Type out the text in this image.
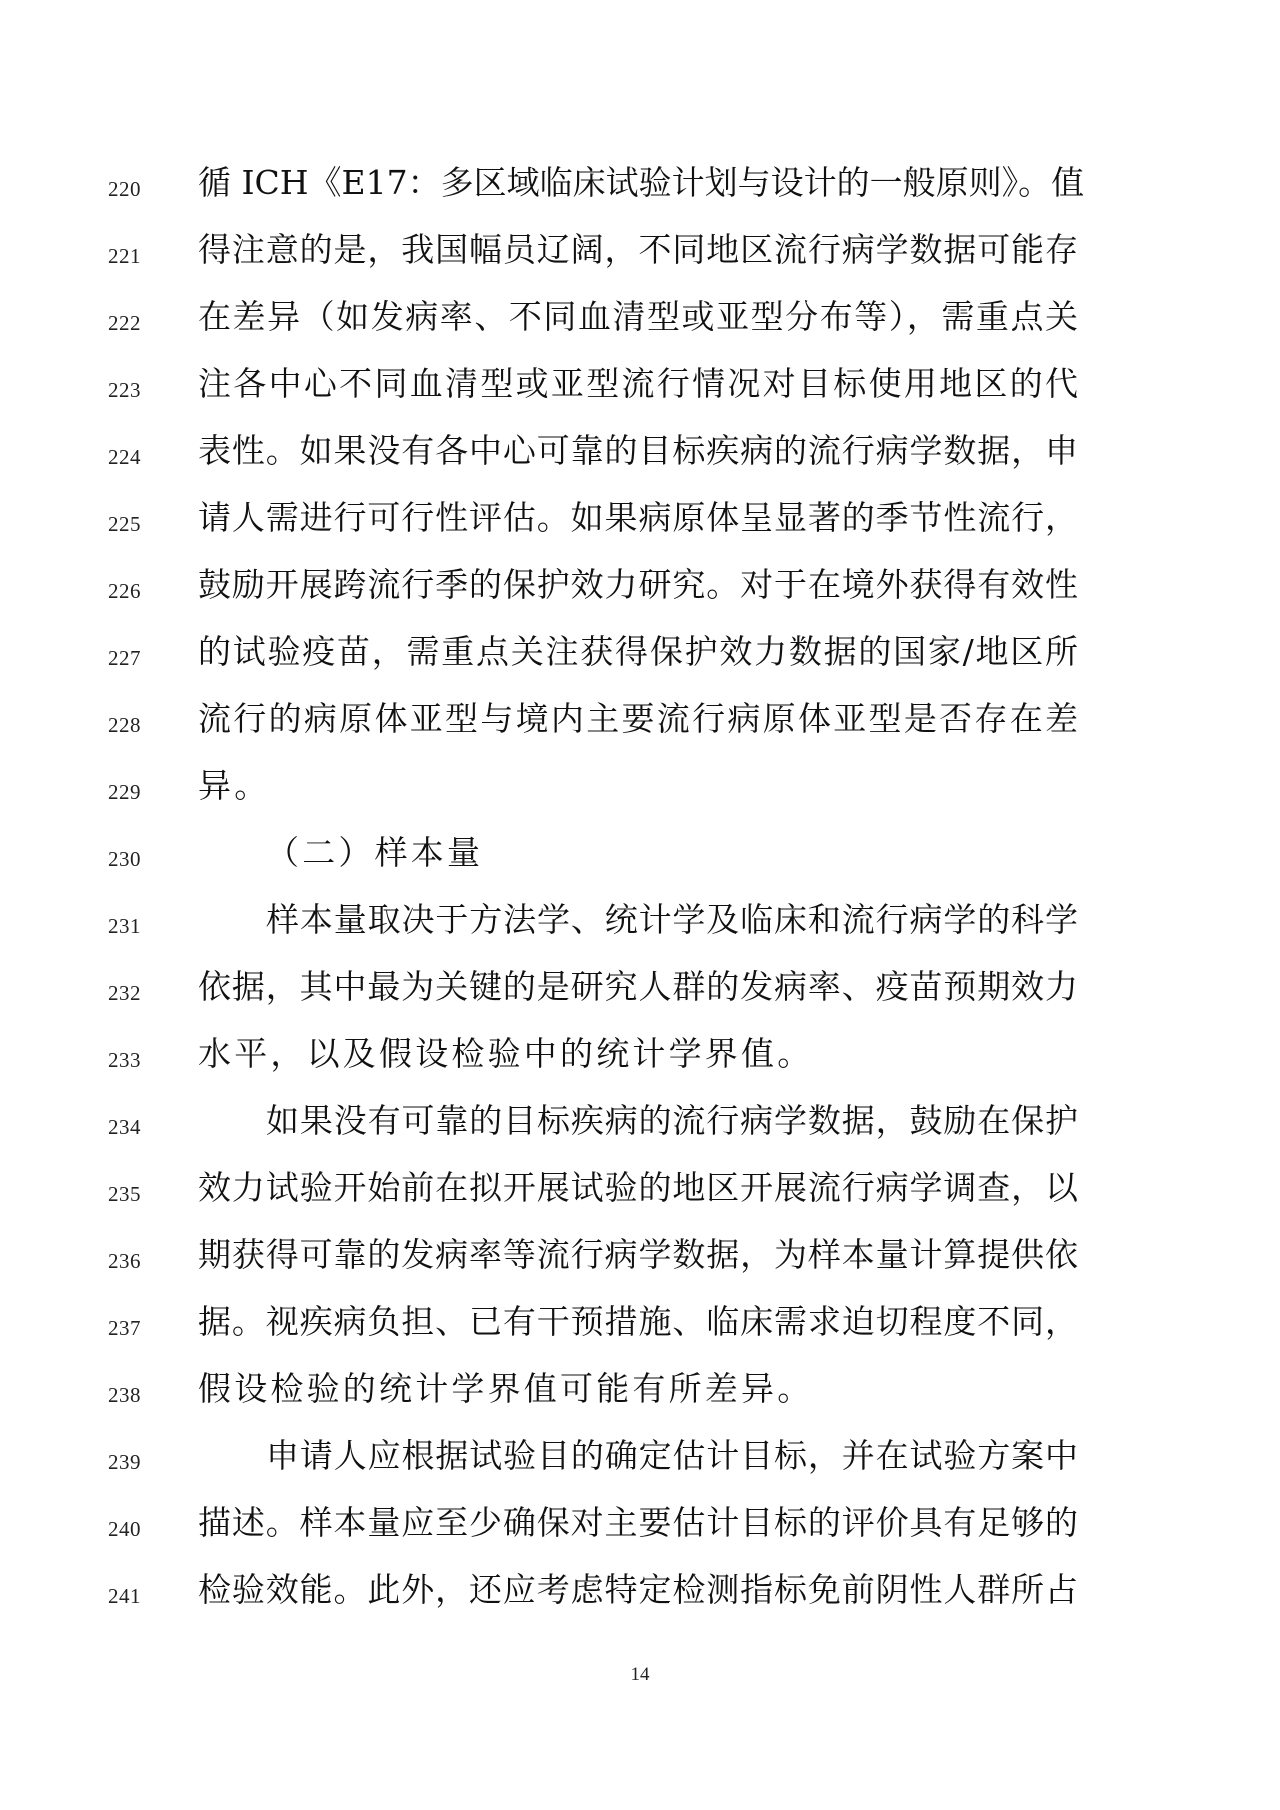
220	循 ICH《E17：多区域临床试验计划与设计的一般原则》。值
221	得注意的是，我国幅员辽阔，不同地区流行病学数据可能存
222	在差异（如发病率、不同血清型或亚型分布等），需重点关
223	注各中心不同血清型或亚型流行情况对目标使用地区的代
224	表性。如果没有各中心可靠的目标疾病的流行病学数据，申
225	请人需进行可行性评估。如果病原体呈显著的季节性流行，
226	鼓励开展跨流行季的保护效力研究。对于在境外获得有效性
227	的试验疫苗，需重点关注获得保护效力数据的国家/地区所
228	流行的病原体亚型与境内主要流行病原体亚型是否存在差
229	异。
230	（二）样本量
231	样本量取决于方法学、统计学及临床和流行病学的科学
232	依据，其中最为关键的是研究人群的发病率、疫苗预期效力
233	水平，以及假设检验中的统计学界值。
234	如果没有可靠的目标疾病的流行病学数据，鼓励在保护
235	效力试验开始前在拟开展试验的地区开展流行病学调查，以
236	期获得可靠的发病率等流行病学数据，为样本量计算提供依
237	据。视疾病负担、已有干预措施、临床需求迫切程度不同，
238	假设检验的统计学界值可能有所差异。
239	申请人应根据试验目的确定估计目标，并在试验方案中
240	描述。样本量应至少确保对主要估计目标的评价具有足够的
241	检验效能。此外，还应考虑特定检测指标免前阴性人群所占
14
